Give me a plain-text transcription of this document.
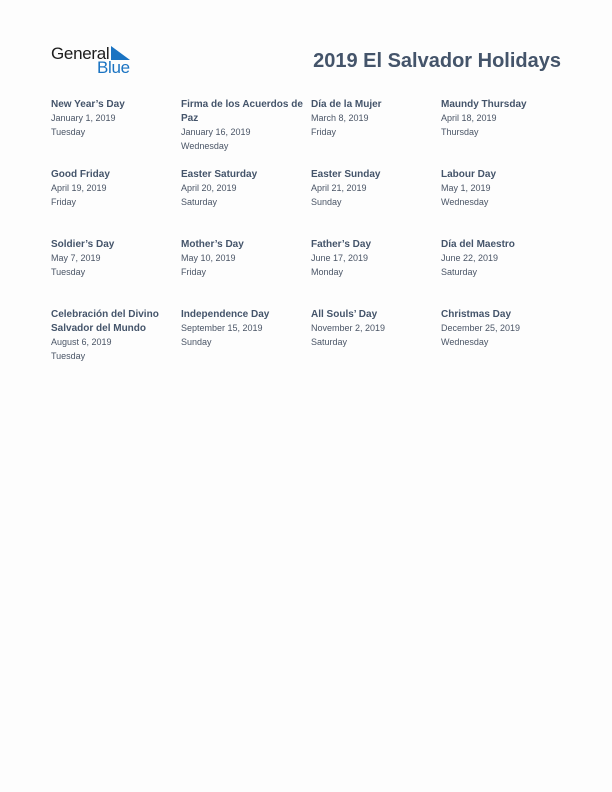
General
Blue	2019 El Salvador Holidays
New Year’s Day
January 1, 2019
Tuesday
Firma de los Acuerdos de Paz
January 16, 2019
Wednesday
Día de la Mujer
March 8, 2019
Friday
Maundy Thursday
April 18, 2019
Thursday
Good Friday
April 19, 2019
Friday
Easter Saturday
April 20, 2019
Saturday
Easter Sunday
April 21, 2019
Sunday
Labour Day
May 1, 2019
Wednesday
Soldier’s Day
May 7, 2019
Tuesday
Mother’s Day
May 10, 2019
Friday
Father’s Day
June 17, 2019
Monday
Día del Maestro
June 22, 2019
Saturday
Celebración del Divino Salvador del Mundo
August 6, 2019
Tuesday
Independence Day
September 15, 2019
Sunday
All Souls’ Day
November 2, 2019
Saturday
Christmas Day
December 25, 2019
Wednesday
